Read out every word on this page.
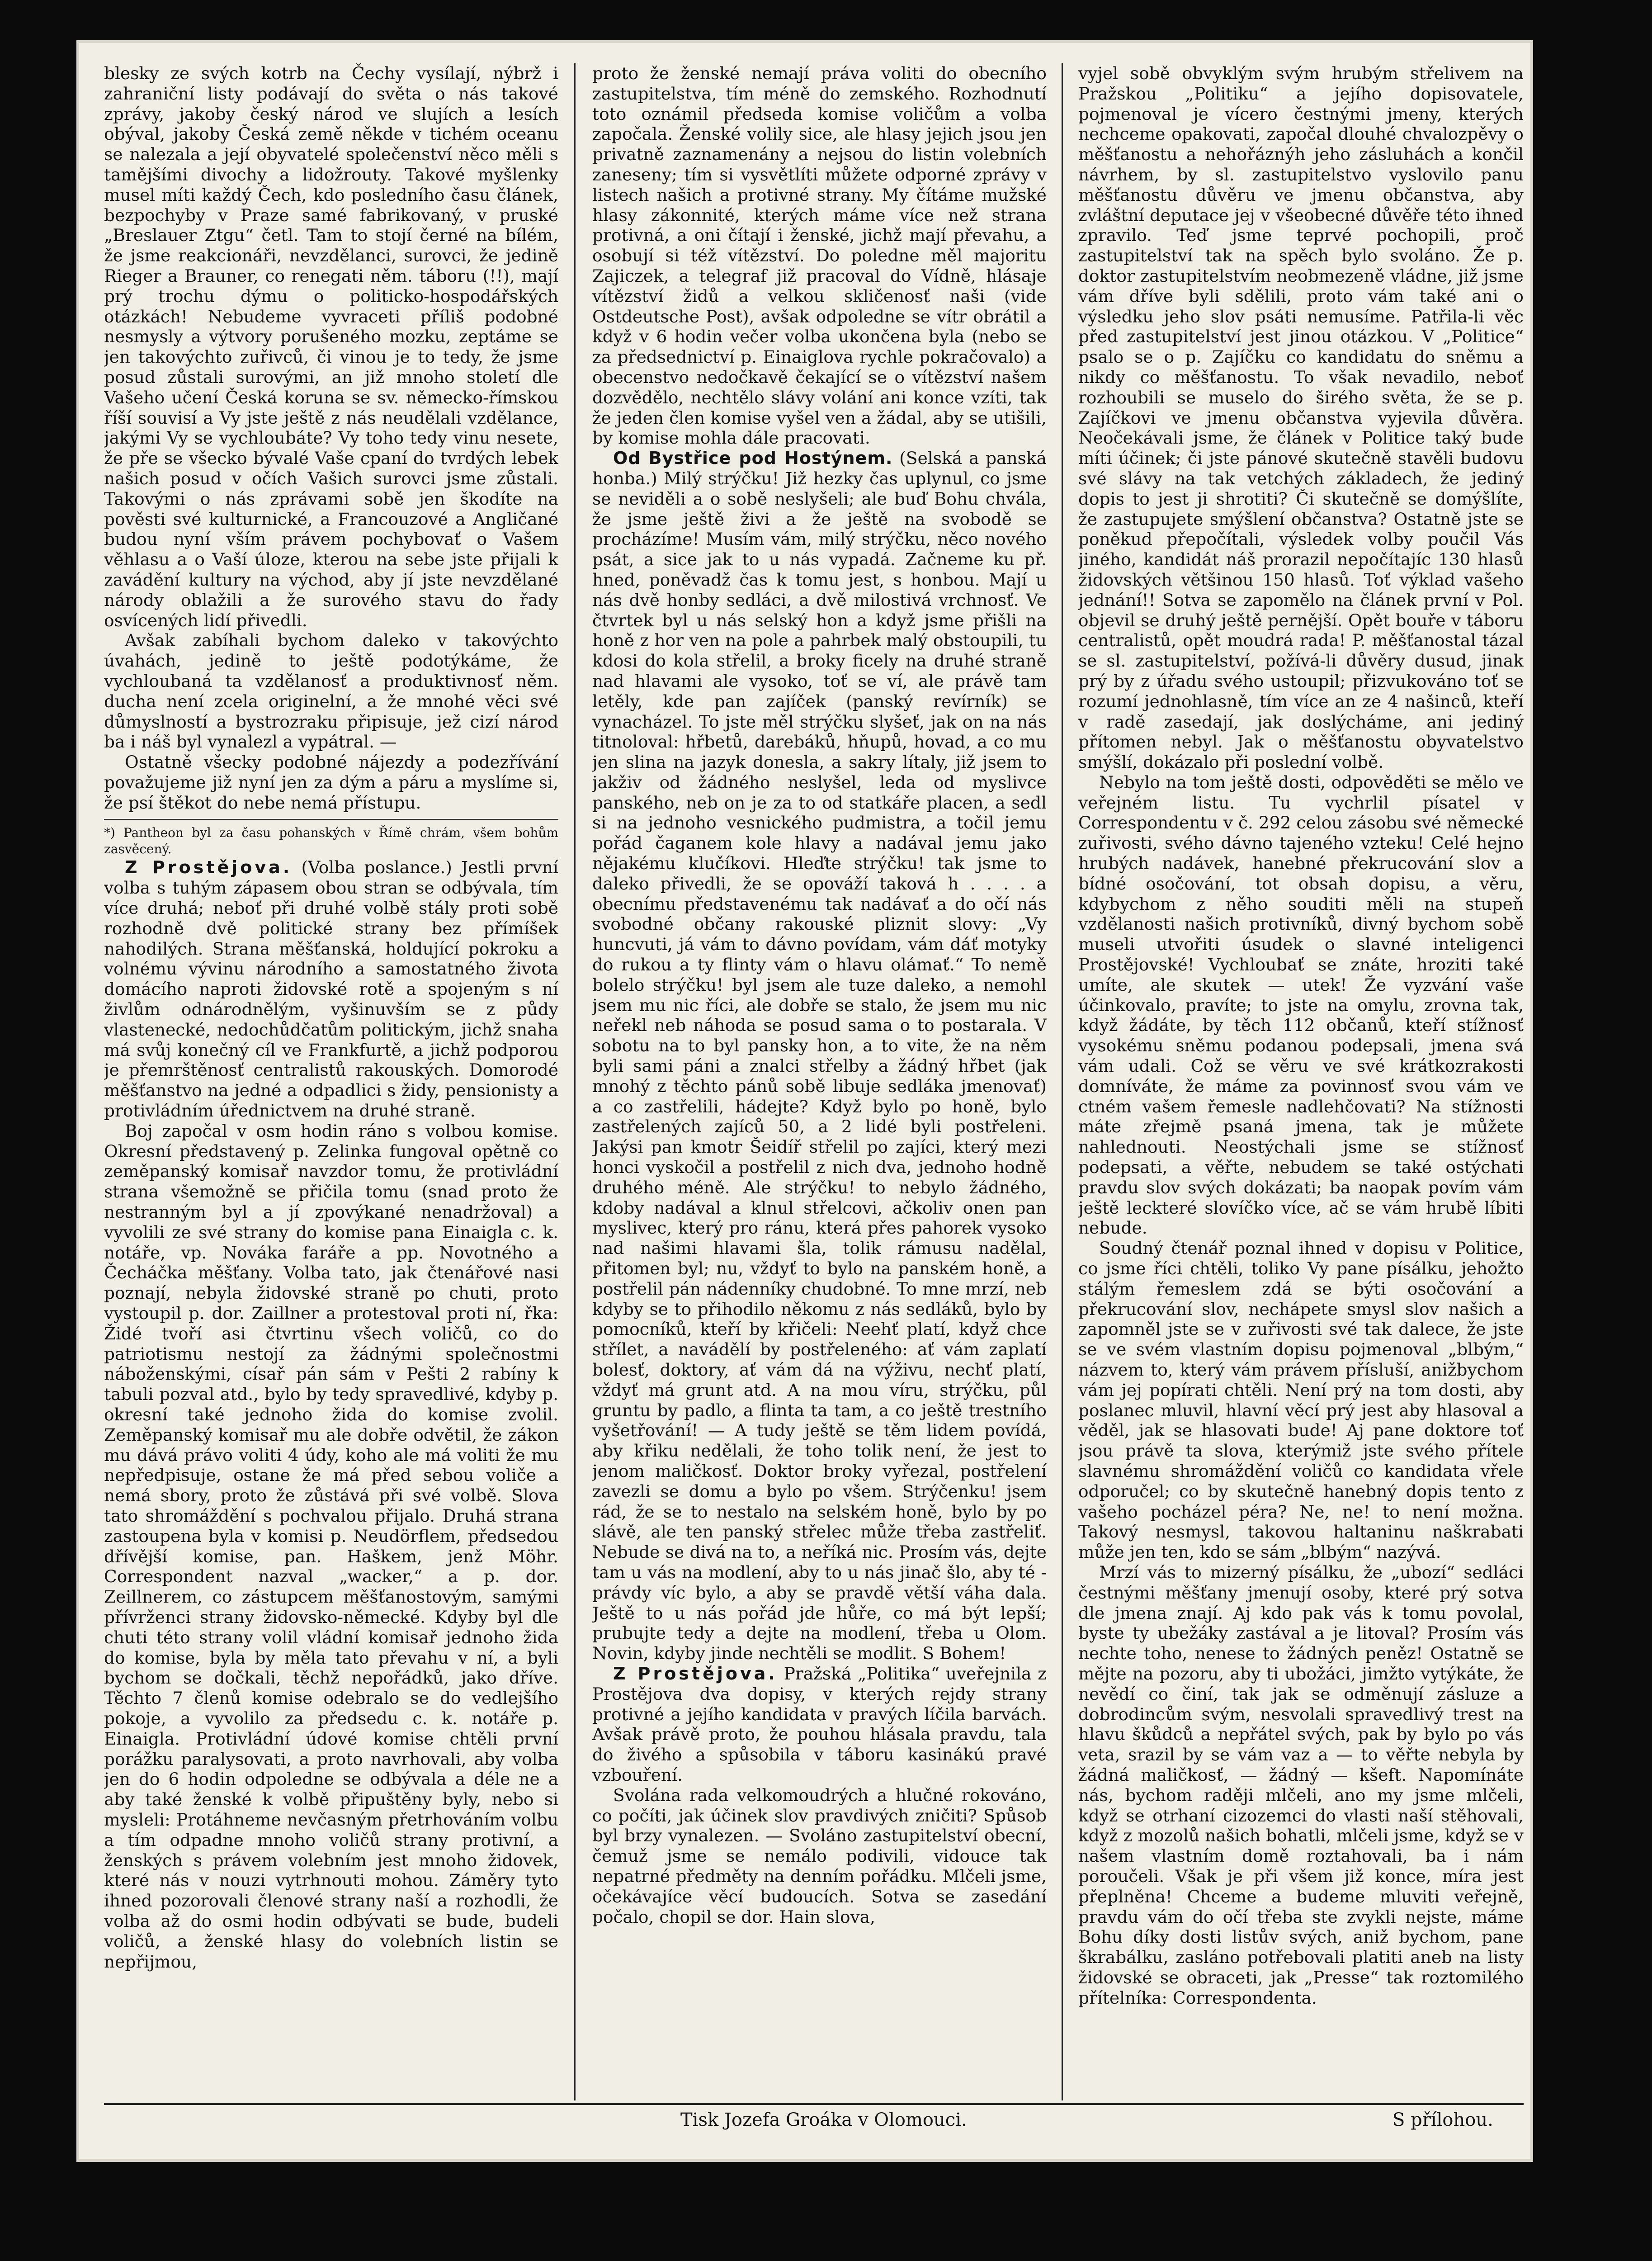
blesky ze svých kotrb na Čechy vysílají, nýbrž i zahraniční listy podávají do světa o nás takové zprávy, jakoby český národ ve slujích a lesích obýval, jakoby Česká země někde v tichém oceanu se nalezala a její obyvatelé společenství něco měli s tamějšími divochy a lidožrouty. Takové myšlenky musel míti každý Čech, kdo posledního času článek, bezpochyby v Praze samé fabrikovaný, v pruské „Breslauer Ztgu“ četl. Tam to stojí černé na bílém, že jsme reakcionáři, nevzdělanci, surovci, že jedině Rieger a Brauner, co renegati něm. táboru (!!), mají prý trochu dýmu o politicko-hospodářských otázkách! Nebudeme vyvraceti příliš podobné nesmysly a výtvory porušeného mozku, zeptáme se jen takovýchto zuřivců, či vinou je to tedy, že jsme posud zůstali surovými, an již mnoho století dle Vašeho učení Česká koruna se sv. německo-římskou říší souvisí a Vy jste ještě z nás neudělali vzdělance, jakými Vy se vychloubáte? Vy toho tedy vinu nesete, že pře se všecko bývalé Vaše cpaní do tvrdých lebek našich posud v očích Vašich surovci jsme zůstali. Takovými o nás zprávami sobě jen škodíte na pověsti své kulturnické, a Francouzové a Angličané budou nyní vším právem pochybovať o Vašem věhlasu a o Vaší úloze, kterou na sebe jste přijali k zavádění kultury na východ, aby jí jste nevzdělané národy oblažili a že surového stavu do řady osvícených lidí přivedli.

Avšak zabíhali bychom daleko v takovýchto úvahách, jedině to ještě podotýkáme, že vychloubaná ta vzdělanosť a produktivnosť něm. ducha není zcela originelní, a že mnohé věci své důmyslností a bystrozraku připisuje, jež cizí národ ba i náš byl vynalezl a vypátral. —

Ostatně všecky podobné nájezdy a podezřívání považujeme již nyní jen za dým a páru a myslíme si, že psí štěkot do nebe nemá přístupu.

*) Pantheon byl za času pohanských v Římě chrám, všem bohům zasvěcený.

Z Prostějova. (Volba poslance.) Jestli první volba s tuhým zápasem obou stran se odbývala, tím více druhá; neboť při druhé volbě stály proti sobě rozhodně dvě politické strany bez přímíšek nahodilých. Strana měšťanská, holdující pokroku a volnému vývinu národního a samostatného života domácího naproti židovské rotě a spojeným s ní živlům odnárodnělým, vyšinuvším se z půdy vlastenecké, nedochůdčatům politickým, jichž snaha má svůj konečný cíl ve Frankfurtě, a jichž podporou je přemrštěnosť centralistů rakouských. Domorodé měšťanstvo na jedné a odpadlici s židy, pensionisty a protivládním úřednictvem na druhé straně.

Boj započal v osm hodin ráno s volbou komise. Okresní představený p. Zelinka fungoval opětně co zeměpanský komisař navzdor tomu, že protivládní strana všemožně se přičila tomu (snad proto že nestranným byl a jí zpovýkané nenadržoval) a vyvolili ze své strany do komise pana Einaigla c. k. notáře, vp. Nováka faráře a pp. Novotného a Čecháčka měšťany. Volba tato, jak čtenářové nasi poznají, nebyla židovské straně po chuti, proto vystoupil p. dor. Zaillner a protestoval proti ní, řka: Židé tvoří asi čtvrtinu všech voličů, co do patriotismu nestojí za žádnými společnostmi náboženskými, císař pán sám v Pešti 2 rabíny k tabuli pozval atd., bylo by tedy spravedlivé, kdyby p. okresní také jednoho žida do komise zvolil. Zeměpanský komisař mu ale dobře odvětil, že zákon mu dává právo voliti 4 údy, koho ale má voliti že mu nepředpisuje, ostane že má před sebou voliče a nemá sbory, proto že zůstává při své volbě. Slova tato shromáždění s pochvalou přijalo. Druhá strana zastoupena byla v komisi p. Neudörflem, předsedou dřívější komise, pan. Haškem, jenž Möhr. Correspondent nazval „wacker,“ a p. dor. Zeillnerem, co zástupcem měšťanostovým, samými přívrženci strany židovsko-německé. Kdyby byl dle chuti této strany volil vládní komisař jednoho žida do komise, byla by měla tato převahu v ní, a byli bychom se dočkali, těchž nepořádků, jako dříve. Těchto 7 členů komise odebralo se do vedlejšího pokoje, a vyvolilo za předsedu c. k. notáře p. Einaigla. Protivládní údové komise chtěli první porážku paralysovati, a proto navrhovali, aby volba jen do 6 hodin odpoledne se odbývala a déle ne a aby také ženské k volbě připuštěny byly, nebo si mysleli: Protáhneme nevčasným přetrhováním volbu a tím odpadne mnoho voličů strany protivní, a ženských s právem volebním jest mnoho židovek, které nás v nouzi vytrhnouti mohou. Záměry tyto ihned pozorovali členové strany naší a rozhodli, že volba až do osmi hodin odbývati se bude, budeli voličů, a ženské hlasy do volebních listin se nepřijmou,

proto že ženské nemají práva voliti do obecního zastupitelstva, tím méně do zemského. Rozhodnutí toto oznámil předseda komise voličům a volba započala. Ženské volily sice, ale hlasy jejich jsou jen privatně zaznamenány a nejsou do listin volebních zaneseny; tím si vysvětlíti můžete odporné zprávy v listech našich a protivné strany. My čítáme mužské hlasy zákonnité, kterých máme více než strana protivná, a oni čítají i ženské, jichž mají převahu, a osobují si též vítězství. Do poledne měl majoritu Zajiczek, a telegraf již pracoval do Vídně, hlásaje vítězství židů a velkou skličenosť naši (vide Ostdeutsche Post), avšak odpoledne se vítr obrátil a když v 6 hodin večer volba ukončena byla (nebo se za předsednictví p. Einaiglova rychle pokračovalo) a obecenstvo nedočkavě čekající se o vítězství našem dozvědělo, nechtělo slávy volání ani konce vzíti, tak že jeden člen komise vyšel ven a žádal, aby se utišili, by komise mohla dále pracovati.

Od Bystřice pod Hostýnem. (Selská a panská honba.) Milý strýčku! Již hezky čas uplynul, co jsme se neviděli a o sobě neslyšeli; ale buď Bohu chvála, že jsme ještě živi a že ještě na svobodě se procházíme! Musím vám, milý strýčku, něco nového psát, a sice jak to u nás vypadá. Začneme ku př. hned, poněvadž čas k tomu jest, s honbou. Mají u nás dvě honby sedláci, a dvě milostivá vrchnosť. Ve čtvrtek byl u nás selský hon a když jsme přišli na honě z hor ven na pole a pahrbek malý obstoupili, tu kdosi do kola střelil, a broky ficely na druhé straně nad hlavami ale vysoko, toť se ví, ale právě tam letěly, kde pan zajíček (panský revírník) se vynacházel. To jste měl strýčku slyšeť, jak on na nás titnoloval: hřbetů, darebáků, hňupů, hovad, a co mu jen slina na jazyk donesla, a sakry lítaly, již jsem to jakživ od žádného neslyšel, leda od myslivce panského, neb on je za to od statkáře placen, a sedl si na jednoho vesnického pudmistra, a točil jemu pořád čaganem kole hlavy a nadával jemu jako nějakému klučíkovi. Hleďte strýčku! tak jsme to daleko přivedli, že se opováží taková h . . . . a obecnímu představenému tak nadávať a do očí nás svobodné občany rakouské pliznit slovy: „Vy huncvuti, já vám to dávno povídam, vám dáť motyky do rukou a ty flinty vám o hlavu olámať.“ To nemě bolelo strýčku! byl jsem ale tuze daleko, a nemohl jsem mu nic říci, ale dobře se stalo, že jsem mu nic neřekl neb náhoda se posud sama o to postarala. V sobotu na to byl pansky hon, a to vite, že na něm byli sami páni a znalci střelby a žádný hřbet (jak mnohý z těchto pánů sobě libuje sedláka jmenovať) a co zastřelili, hádejte? Když bylo po honě, bylo zastřelených zajíců 50, a 2 lidé byli postřeleni. Jakýsi pan kmotr Šeidíř střelil po zajíci, který mezi honci vyskočil a postřelil z nich dva, jednoho hodně druhého méně. Ale strýčku! to nebylo žádného, kdoby nadával a klnul střelcovi, ačkoliv onen pan myslivec, který pro ránu, která přes pahorek vysoko nad našimi hlavami šla, tolik rámusu nadělal, přitomen byl; nu, vždyť to bylo na panském honě, a postřelil pán nádenníky chudobné. To mne mrzí, neb kdyby se to přihodilo někomu z nás sedláků, bylo by pomocníků, kteří by křičeli: Neehť platí, když chce střílet, a navádělí by postřeleného: ať vám zaplatí bolesť, doktory, ať vám dá na výživu, nechť platí, vždyť má grunt atd. A na mou víru, strýčku, půl gruntu by padlo, a flinta ta tam, a co ještě trestního vyšetřování! — A tudy ještě se těm lidem povídá, aby křiku nedělali, že toho tolik není, že jest to jenom maličkosť. Doktor broky vyřezal, postřelení zavezli se domu a bylo po všem. Strýčenku! jsem rád, že se to nestalo na selském honě, bylo by po slávě, ale ten panský střelec může třeba zastřeliť. Nebude se divá na to, a neříká nic. Prosím vás, dejte tam u vás na modlení, aby to u nás jinač šlo, aby té -právdy víc bylo, a aby se pravdě větší váha dala. Ještě to u nás pořád jde hůře, co má být lepší; prubujte tedy a dejte na modlení, třeba u Olom. Novin, kdyby jinde nechtěli se modlit. S Bohem!

Z Prostějova. Pražská „Politika“ uveřejnila z Prostějova dva dopisy, v kterých rejdy strany protivné a jejího kandidata v pravých líčila barvách. Avšak právě proto, že pouhou hlásala pravdu, tala do živého a spůsobila v táboru kasinákú pravé vzbouření.

Svolána rada velkomoudrých a hlučné rokováno, co počíti, jak účinek slov pravdivých zničiti? Spůsob byl brzy vynalezen. — Svoláno zastupitelství obecní, čemuž jsme se nemálo podivili, vidouce tak nepatrné předměty na denním pořádku. Mlčeli jsme, očekávajíce věcí budoucích. Sotva se zasedání počalo, chopil se dor. Hain slova,

vyjel sobě obvyklým svým hrubým střelivem na Pražskou „Politiku“ a jejího dopisovatele, pojmenoval je vícero čestnými jmeny, kterých nechceme opakovati, započal dlouhé chvalozpěvy o měšťanostu a nehořáznýh jeho zásluhách a končil návrhem, by sl. zastupitelstvo vyslovilo panu měšťanostu důvěru ve jmenu občanstva, aby zvláštní deputace jej v všeobecné důvěře této ihned zpravilo. Teď jsme teprvé pochopili, proč zastupitelství tak na spěch bylo svoláno. Že p. doktor zastupitelstvím neobmezeně vládne, již jsme vám dříve byli sdělili, proto vám také ani o výsledku jeho slov psáti nemusíme. Patřila-li věc před zastupitelství jest jinou otázkou. V „Politice“ psalo se o p. Zajíčku co kandidatu do sněmu a nikdy co měšťanostu. To však nevadilo, neboť rozhoubili se muselo do širého světa, že se p. Zajíčkovi ve jmenu občanstva vyjevila důvěra. Neočekávali jsme, že článek v Politice taký bude míti účinek; či jste pánové skutečně stavěli budovu své slávy na tak vetchých základech, že jediný dopis to jest ji shrotiti? Či skutečně se domýšlíte, že zastupujete smýšlení občanstva? Ostatně jste se poněkud přepočítali, výsledek volby poučil Vás jiného, kandidát náš prorazil nepočítajíc 130 hlasů židovských většinou 150 hlasů. Toť výklad vašeho jednání!! Sotva se zapomělo na článek první v Pol. objevil se druhý ještě pernější. Opět bouře v táboru centralistů, opět moudrá rada! P. měšťanostal tázal se sl. zastupitelství, požívá-li důvěry dusud, jinak prý by z úřadu svého ustoupil; přizvukováno toť se rozumí jednohlasně, tím více an ze 4 našinců, kteří v radě zasedají, jak doslýcháme, ani jediný přítomen nebyl. Jak o měšťanostu obyvatelstvo smýšlí, dokázalo při poslední volbě.

Nebylo na tom ještě dosti, odpověděti se mělo ve veřejném listu. Tu vychrlil písatel v Correspondentu v č. 292 celou zásobu své německé zuřivosti, svého dávno tajeného vzteku! Celé hejno hrubých nadávek, hanebné překrucování slov a bídné osočování, tot obsah dopisu, a věru, kdybychom z něho souditi měli na stupeň vzdělanosti našich protivníků, divný bychom sobě museli utvořiti úsudek o slavné inteligenci Prostějovské! Vychloubať se znáte, hroziti také umíte, ale skutek — utek! Že vyzvání vaše účinkovalo, pravíte; to jste na omylu, zrovna tak, když žádáte, by těch 112 občanů, kteří stížnosť vysokému sněmu podanou podepsali, jmena svá vám udali. Což se věru ve své krátkozrakosti domníváte, že máme za povinnosť svou vám ve ctném vašem řemesle nadlehčovati? Na stížnosti máte zřejmě psaná jmena, tak je můžete nahlednouti. Neostýchali jsme se stížnosť podepsati, a věřte, nebudem se také ostýchati pravdu slov svých dokázati; ba naopak povím vám ještě leckteré slovíčko více, ač se vám hrubě líbiti nebude.

Soudný čtenář poznal ihned v dopisu v Politice, co jsme říci chtěli, toliko Vy pane písálku, jehožto stálým řemeslem zdá se býti osočování a překrucování slov, nechápete smysl slov našich a zapomněl jste se v zuřivosti své tak dalece, že jste se ve svém vlastním dopisu pojmenoval „blbým,“ názvem to, který vám právem přísluší, anižbychom vám jej popírati chtěli. Není prý na tom dosti, aby poslanec mluvil, hlavní věcí prý jest aby hlasoval a věděl, jak se hlasovati bude! Aj pane doktore toť jsou právě ta slova, kterýmiž jste svého přítele slavnému shromáždění voličů co kandidata vřele odporučel; co by skutečně hanebný dopis tento z vašeho pocházel péra? Ne, ne! to není možna. Takový nesmysl, takovou haltaninu naškrabati může jen ten, kdo se sám „blbým“ nazývá.

Mrzí vás to mizerný písálku, že „ubozí“ sedláci čestnými měšťany jmenují osoby, které prý sotva dle jmena znají. Aj kdo pak vás k tomu povolal, byste ty ubežáky zastával a je litoval? Prosím vás nechte toho, nenese to žádných peněz! Ostatně se mějte na pozoru, aby ti ubožáci, jimžto vytýkáte, že nevědí co činí, tak jak se odměnují zásluze a dobrodincům svým, nesvolali spravedlivý trest na hlavu škůdců a nepřátel svých, pak by bylo po vás veta, srazil by se vám vaz a — to věřte nebyla by žádná maličkosť, — žádný — kšeft. Napomínáte nás, bychom raději mlčeli, ano my jsme mlčeli, když se otrhaní cizozemci do vlasti naší stěhovali, když z mozolů našich bohatli, mlčeli jsme, když se v našem vlastním domě roztahovali, ba i nám poroučeli. Však je při všem již konce, míra jest přeplněna! Chceme a budeme mluviti veřejně, pravdu vám do očí třeba ste zvykli nejste, máme Bohu díky dosti listův svých, aniž bychom, pane škrabálku, zasláno potřebovali platiti aneb na listy židovské se obraceti, jak „Presse“ tak roztomilého přítelníka: Correspondenta.

Tisk Jozefa Groáka v Olomouci.	S přílohou.
